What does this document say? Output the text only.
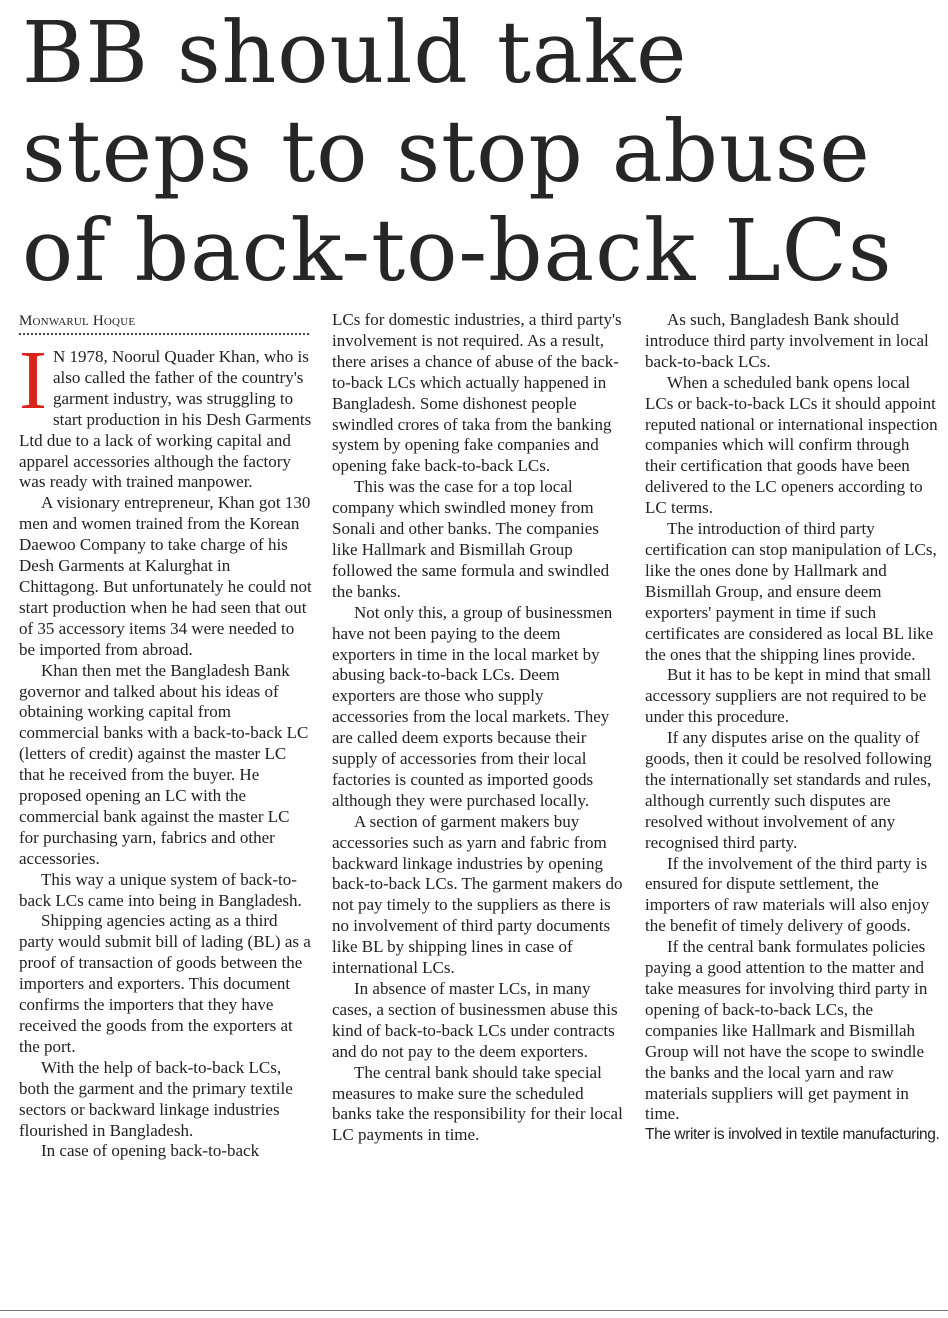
BB should take steps to stop abuse of back-to-back LCs
Monwarul Hoque

I N 1978, Noorul Quader Khan, who is also called the father of the country's garment industry, was struggling to start production in his Desh Garments Ltd due to a lack of working capital and apparel accessories although the factory was ready with trained manpower.

A visionary entrepreneur, Khan got 130 men and women trained from the Korean Daewoo Company to take charge of his Desh Garments at Kalurghat in Chittagong. But unfortunately he could not start production when he had seen that out of 35 accessory items 34 were needed to be imported from abroad.

Khan then met the Bangladesh Bank governor and talked about his ideas of obtaining working capital from commercial banks with a back-to-back LC (letters of credit) against the master LC that he received from the buyer. He proposed opening an LC with the commercial bank against the master LC for purchasing yarn, fabrics and other accessories.

This way a unique system of back-to-back LCs came into being in Bangladesh.

Shipping agencies acting as a third party would submit bill of lading (BL) as a proof of transaction of goods between the importers and exporters. This document confirms the importers that they have received the goods from the exporters at the port.

With the help of back-to-back LCs, both the garment and the primary textile sectors or backward linkage industries flourished in Bangladesh.

In case of opening back-to-back

LCs for domestic industries, a third party's involvement is not required. As a result, there arises a chance of abuse of the back-to-back LCs which actually happened in Bangladesh. Some dishonest people swindled crores of taka from the banking system by opening fake companies and opening fake back-to-back LCs.

This was the case for a top local company which swindled money from Sonali and other banks. The companies like Hallmark and Bismillah Group followed the same formula and swindled the banks.

Not only this, a group of businessmen have not been paying to the deem exporters in time in the local market by abusing back-to-back LCs. Deem exporters are those who supply accessories from the local markets. They are called deem exports because their supply of accessories from their local factories is counted as imported goods although they were purchased locally.

A section of garment makers buy accessories such as yarn and fabric from backward linkage industries by opening back-to-back LCs. The garment makers do not pay timely to the suppliers as there is no involvement of third party documents like BL by shipping lines in case of international LCs.

In absence of master LCs, in many cases, a section of businessmen abuse this kind of back-to-back LCs under contracts and do not pay to the deem exporters.

The central bank should take special measures to make sure the scheduled banks take the responsibility for their local LC payments in time.

As such, Bangladesh Bank should introduce third party involvement in local back-to-back LCs.

When a scheduled bank opens local LCs or back-to-back LCs it should appoint reputed national or international inspection companies which will confirm through their certification that goods have been delivered to the LC openers according to LC terms.

The introduction of third party certification can stop manipulation of LCs, like the ones done by Hallmark and Bismillah Group, and ensure deem exporters' payment in time if such certificates are considered as local BL like the ones that the shipping lines provide.

But it has to be kept in mind that small accessory suppliers are not required to be under this procedure.

If any disputes arise on the quality of goods, then it could be resolved following the internationally set standards and rules, although currently such disputes are resolved without involvement of any recognised third party.

If the involvement of the third party is ensured for dispute settlement, the importers of raw materials will also enjoy the benefit of timely delivery of goods.

If the central bank formulates policies paying a good attention to the matter and take measures for involving third party in opening of back-to-back LCs, the companies like Hallmark and Bismillah Group will not have the scope to swindle the banks and the local yarn and raw materials suppliers will get payment in time.

The writer is involved in textile manufacturing.
